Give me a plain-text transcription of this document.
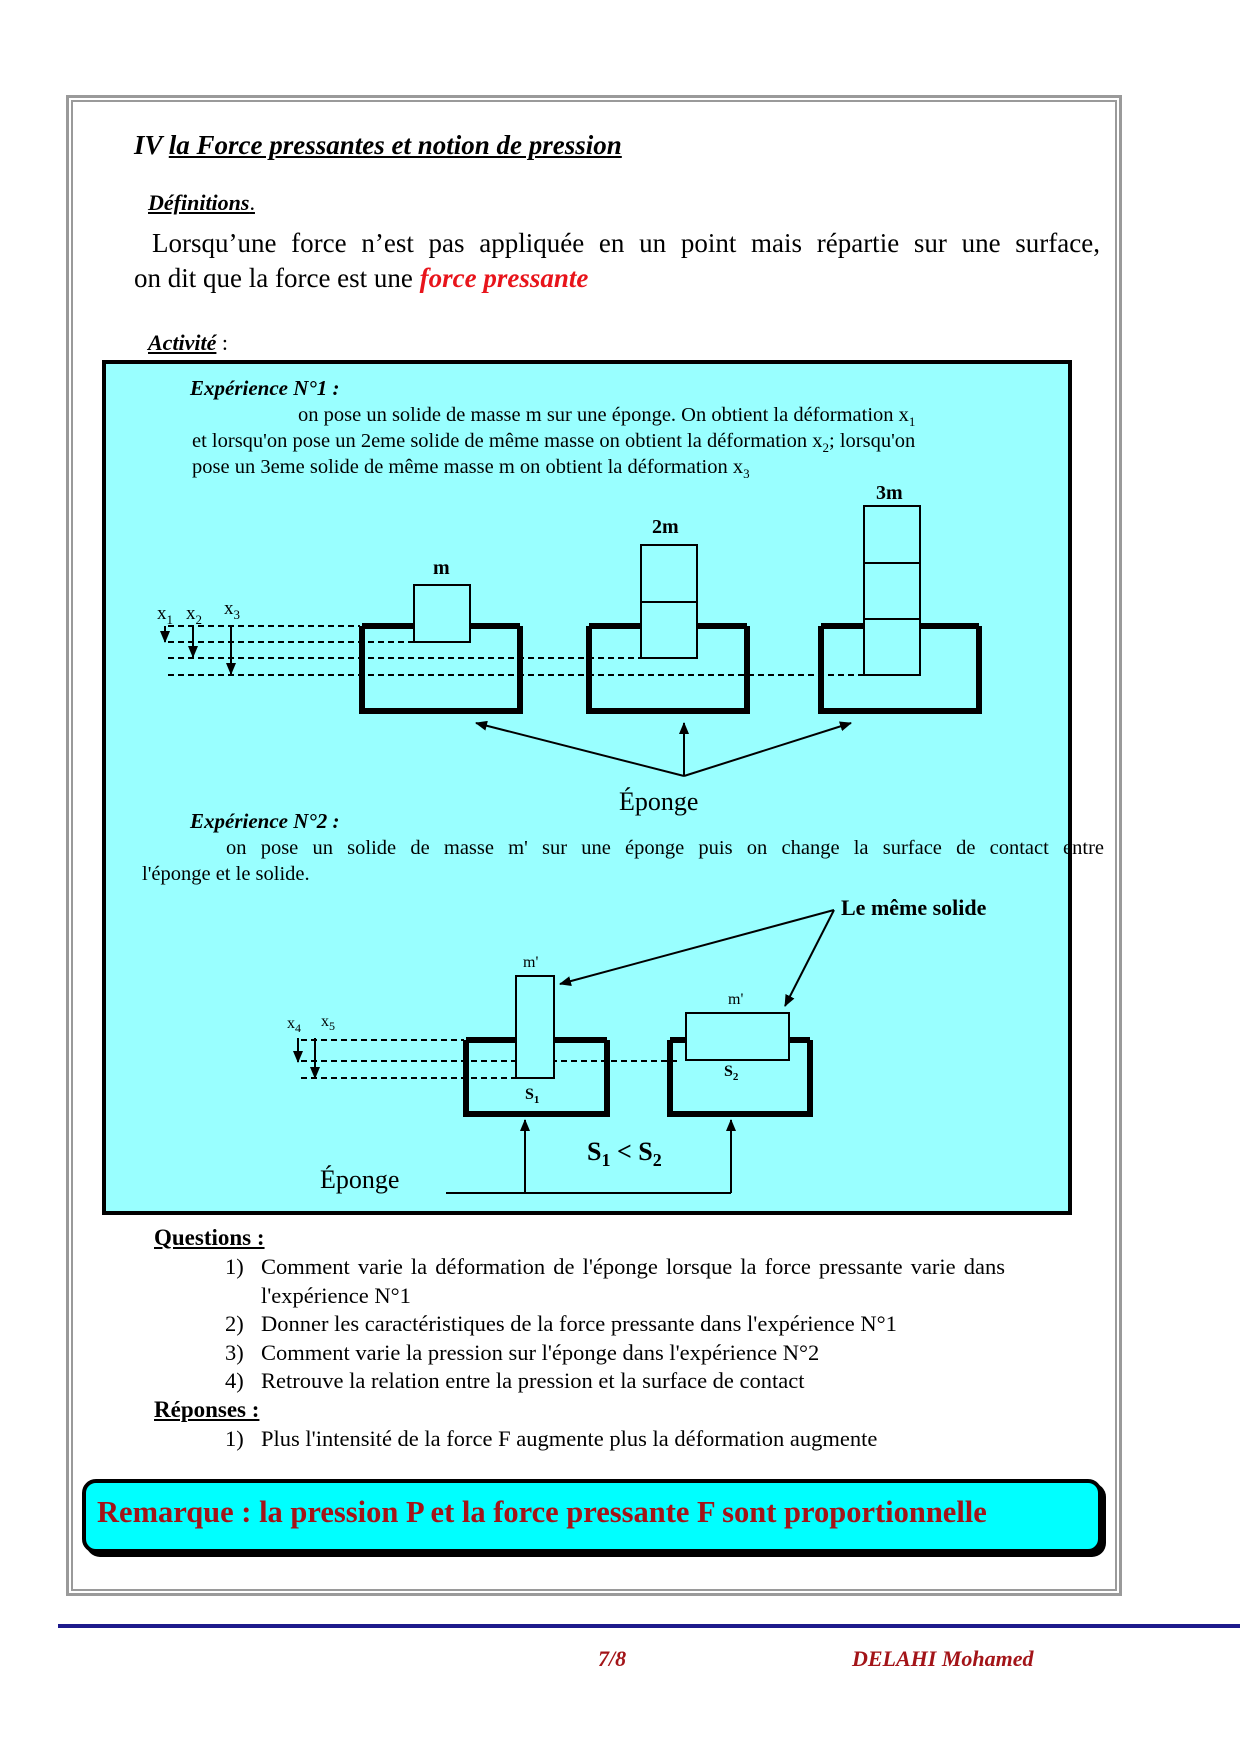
IV la Force pressantes et notion de pression
Définitions.
Lorsqu’une force n’est pas appliquée en un point mais répartie sur une surface,
on dit que la force est une force pressante
Activité :
Expérience N°1 :
on pose un solide de masse m sur une éponge. On obtient la déformation $x_1$
et lorsqu'on pose un 2eme solide de même masse on obtient la déformation $x_2$; lorsqu'on
pose un 3eme solide de même masse m on obtient la déformation $x_3$
Expérience N°2 :
on pose un solide de masse m' sur une éponge puis on change la surface de contact entre
l'éponge et le solide.
$x_1$ $x_2$
$x_3$
m
2m
3m
Éponge
Le même solide
$x_4$ $x_5$
m'
$S_1$
m'
$S_2$
$S_1 < S_2$
Éponge
Questions :
1) Comment varie la déformation de l'éponge lorsque la force pressante varie dans l'expérience N°1
2) Donner les caractéristiques de la force pressante dans l'expérience N°1
3) Comment varie la pression sur l'éponge dans l'expérience N°2
4) Retrouve la relation entre la pression et la surface de contact
Réponses :
1) Plus l'intensité de la force F augmente plus la déformation augmente
Remarque : la pression P et la force pressante F sont proportionnelle
7/8	DELAHI Mohamed
